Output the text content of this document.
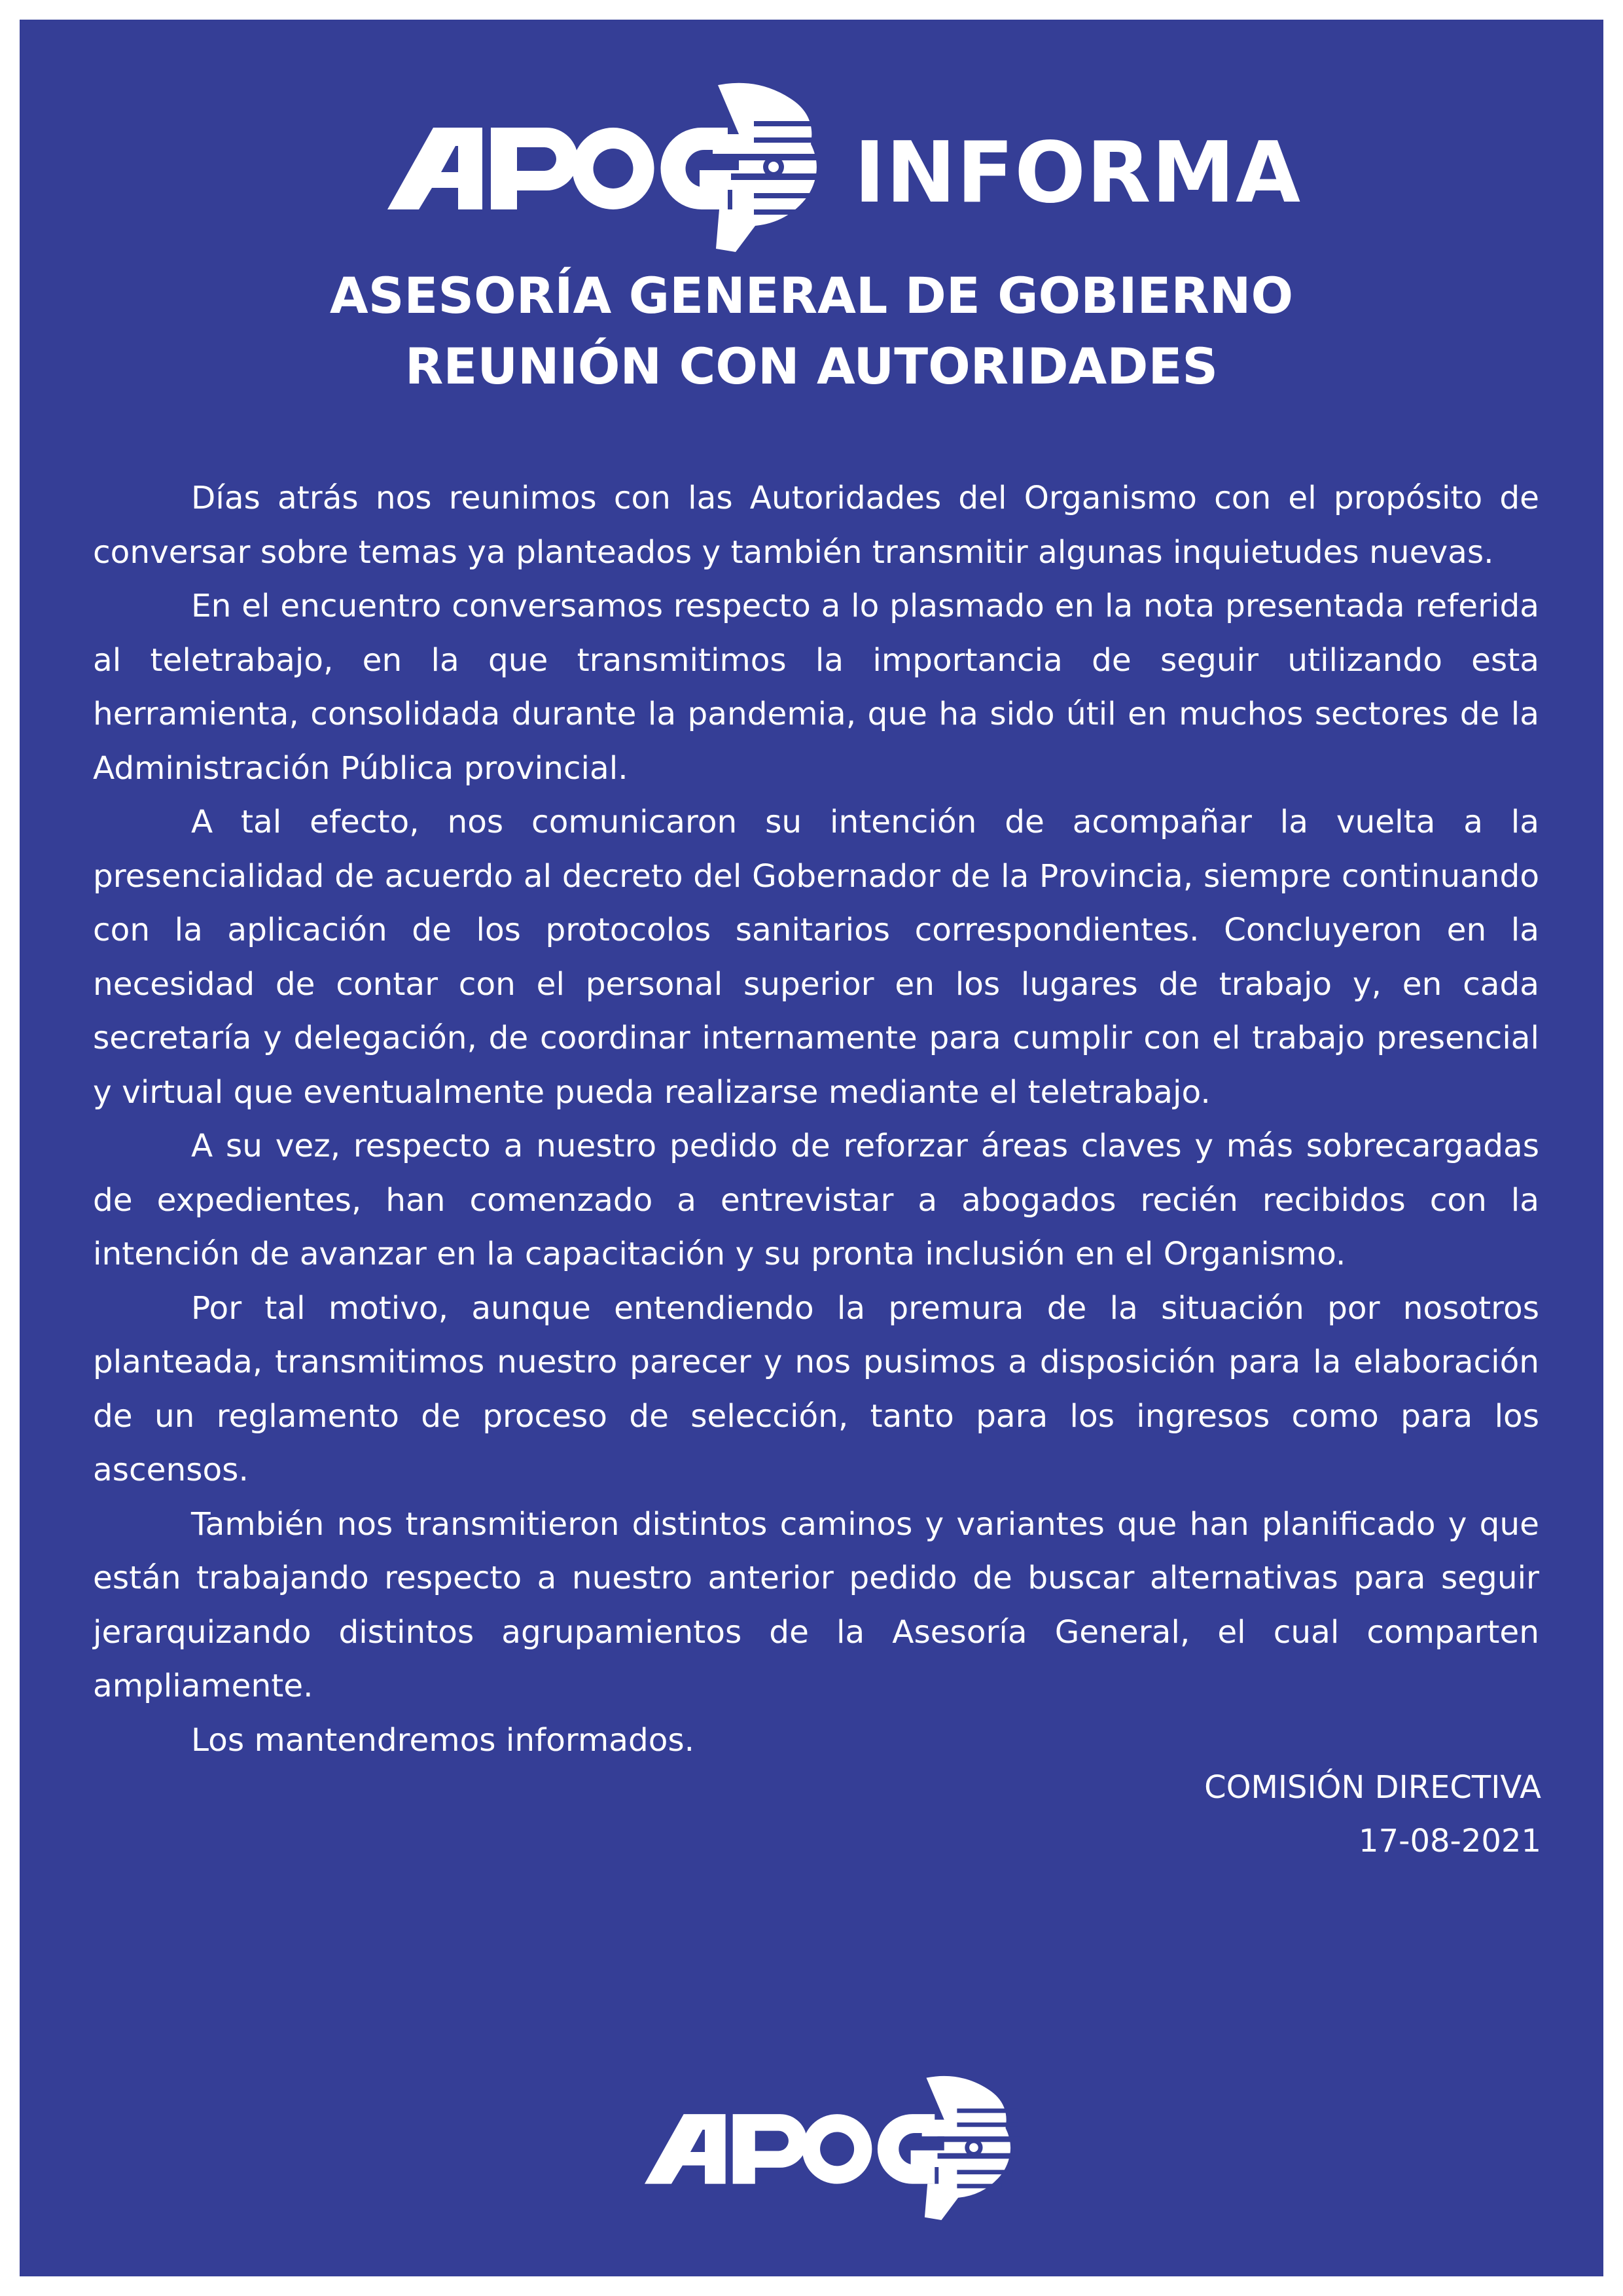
INFORMA
ASESORÍA GENERAL DE GOBIERNO
REUNIÓN CON AUTORIDADES

Días atrás nos reunimos con las Autoridades del Organismo con el propósito de conversar sobre temas ya planteados y también transmitir algunas inquietudes nuevas.

En el encuentro conversamos respecto a lo plasmado en la nota presentada referida al teletrabajo, en la que transmitimos la importancia de seguir utilizando esta herramienta, consolidada durante la pandemia, que ha sido útil en muchos sectores de la Administración Pública provincial.

A tal efecto, nos comunicaron su intención de acompañar la vuelta a la presencialidad de acuerdo al decreto del Gobernador de la Provincia, siempre continuando con la aplicación de los protocolos sanitarios correspondientes. Concluyeron en la necesidad de contar con el personal superior en los lugares de trabajo y, en cada secretaría y delegación, de coordinar internamente para cumplir con el trabajo presencial y virtual que eventualmente pueda realizarse mediante el teletrabajo.

A su vez, respecto a nuestro pedido de reforzar áreas claves y más sobrecargadas de expedientes, han comenzado a entrevistar a abogados recién recibidos con la intención de avanzar en la capacitación y su pronta inclusión en el Organismo.

Por tal motivo, aunque entendiendo la premura de la situación por nosotros planteada, transmitimos nuestro parecer y nos pusimos a disposición para la elaboración de un reglamento de proceso de selección, tanto para los ingresos como para los ascensos.

También nos transmitieron distintos caminos y variantes que han planificado y que están trabajando respecto a nuestro anterior pedido de buscar alternativas para seguir jerarquizando distintos agrupamientos de la Asesoría General, el cual comparten ampliamente.

Los mantendremos informados.

COMISIÓN DIRECTIVA
17-08-2021
